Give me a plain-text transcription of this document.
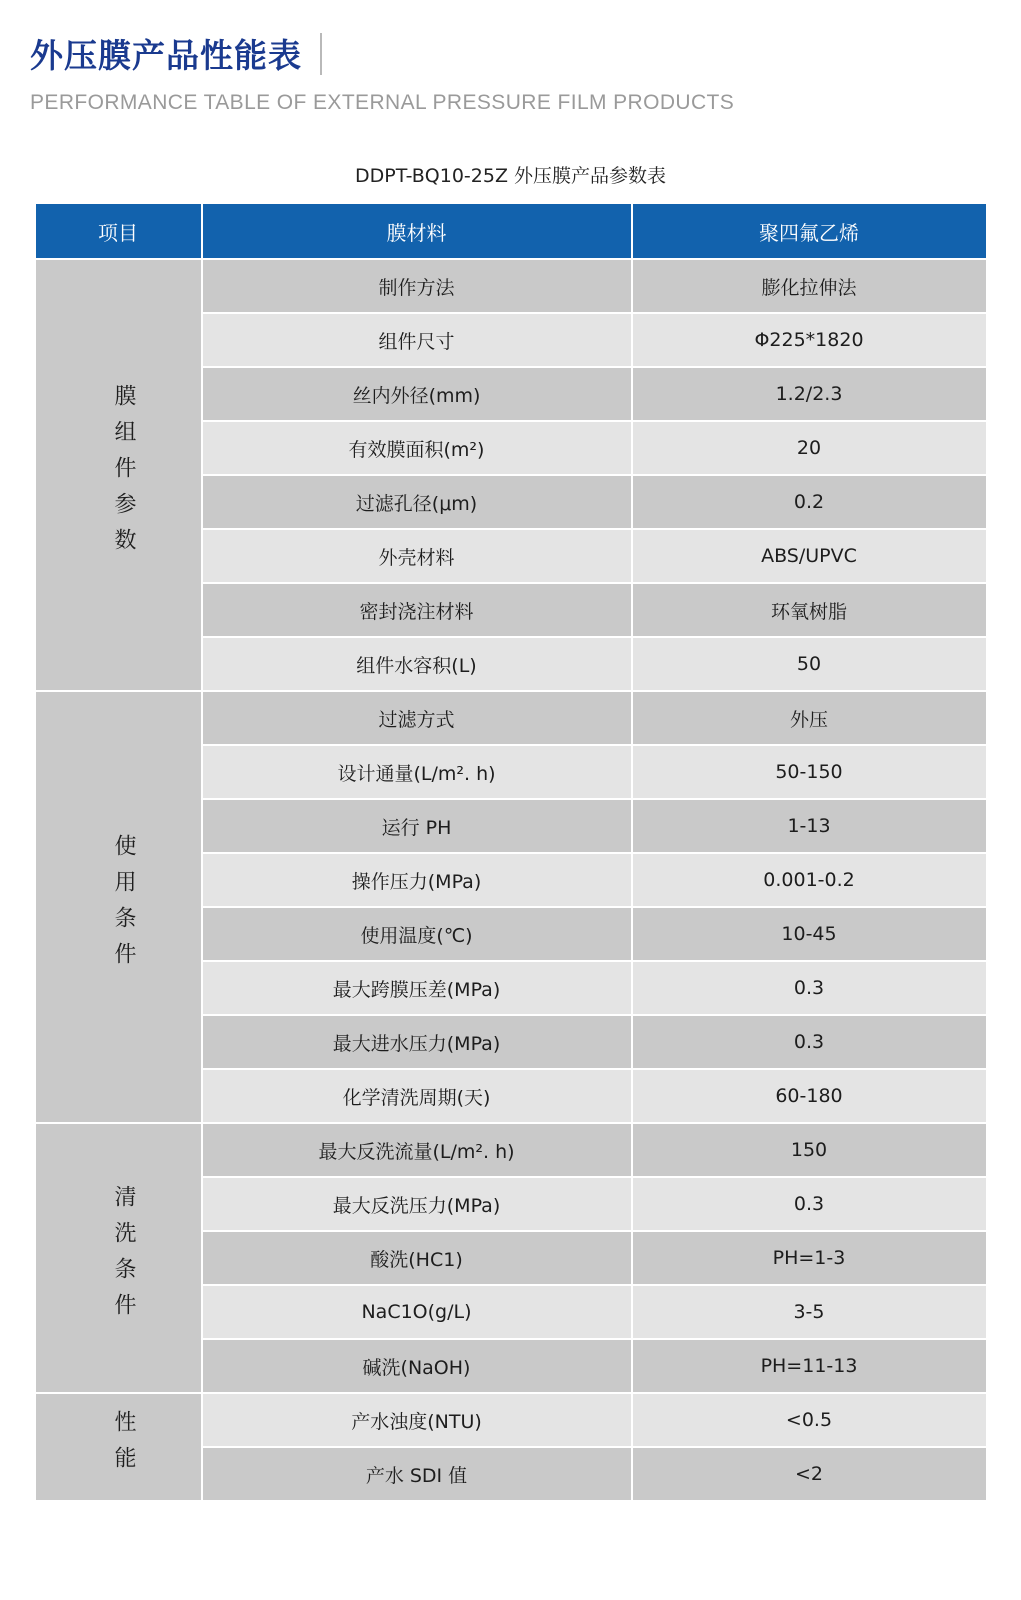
外压膜产品性能表
PERFORMANCE TABLE OF EXTERNAL PRESSURE FILM PRODUCTS
DDPT-BQ10-25Z 外压膜产品参数表
项目	膜材料	聚四氟乙烯
膜组件参数	制作方法	膨化拉伸法
	组件尺寸	Φ225*1820
	丝内外径(mm)	1.2/2.3
	有效膜面积(m²)	20
	过滤孔径(μm)	0.2
	外壳材料	ABS/UPVC
	密封浇注材料	环氧树脂
	组件水容积(L)	50
使用条件	过滤方式	外压
	设计通量(L/m². h)	50-150
	运行 PH	1-13
	操作压力(MPa)	0.001-0.2
	使用温度(℃)	10-45
	最大跨膜压差(MPa)	0.3
	最大进水压力(MPa)	0.3
	化学清洗周期(天)	60-180
清洗条件	最大反洗流量(L/m². h)	150
	最大反洗压力(MPa)	0.3
	酸洗(HC1)	PH=1-3
	NaC1O(g/L)	3-5
	碱洗(NaOH)	PH=11-13
性能	产水浊度(NTU)	<0.5
	产水 SDI 值	<2
